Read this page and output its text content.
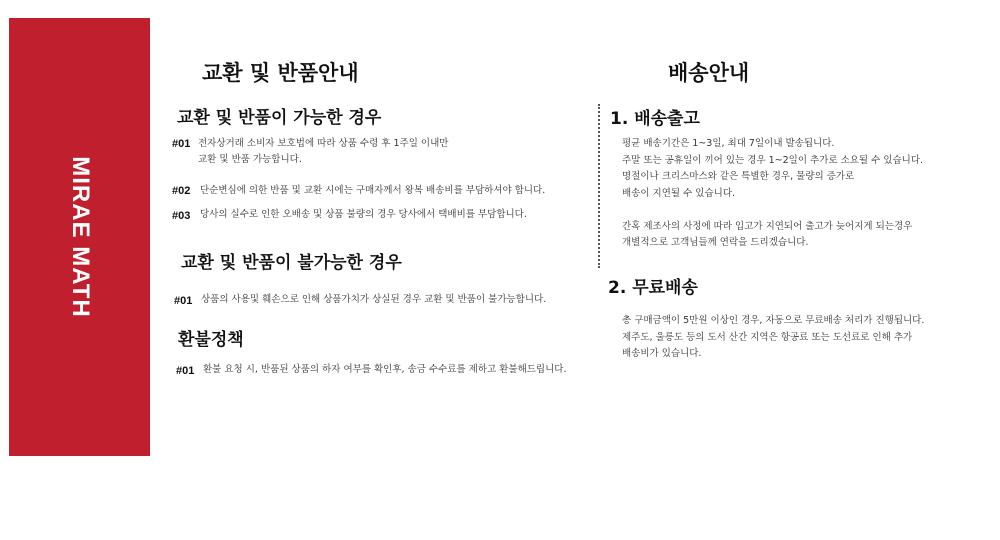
MIRAE MATH
교환 및 반품안내
교환 및 반품이 가능한 경우
#01 전자상거래 소비자 보호법에 따라 상품 수령 후 1주일 이내만
교환 및 반품 가능합니다.
#02 단순변심에 의한 반품 및 교환 시에는 구매자께서 왕복 배송비를 부담하셔야 합니다.
#03 당사의 실수로 인한 오배송 및 상품 불량의 경우 당사에서 택배비를 부담합니다.
교환 및 반품이 불가능한 경우
#01 상품의 사용및 훼손으로 인해 상품가치가 상실된 경우 교환 및 반품이 불가능합니다.
환불정책
#01 환불 요청 시, 반품된 상품의 하자 여부를 확인후, 송금 수수료를 제하고 환불해드립니다.
배송안내
1. 배송출고
평균 배송기간은 1~3일, 최대 7일이내 발송됩니다.
주말 또는 공휴일이 끼어 있는 경우 1~2일이 추가로 소요될 수 있습니다.
명절이나 크리스마스와 같은 특별한 경우, 물량의 증가로
배송이 지연될 수 있습니다.
간혹 제조사의 사정에 따라 입고가 지연되어 출고가 늦어지게 되는경우
개별적으로 고객님들께 연락을 드리겠습니다.
2. 무료배송
총 구매금액이 5만원 이상인 경우, 자동으로 무료배송 처리가 진행됩니다.
제주도, 울릉도 등의 도서 산간 지역은 항공료 또는 도선료로 인해 추가
배송비가 있습니다.
